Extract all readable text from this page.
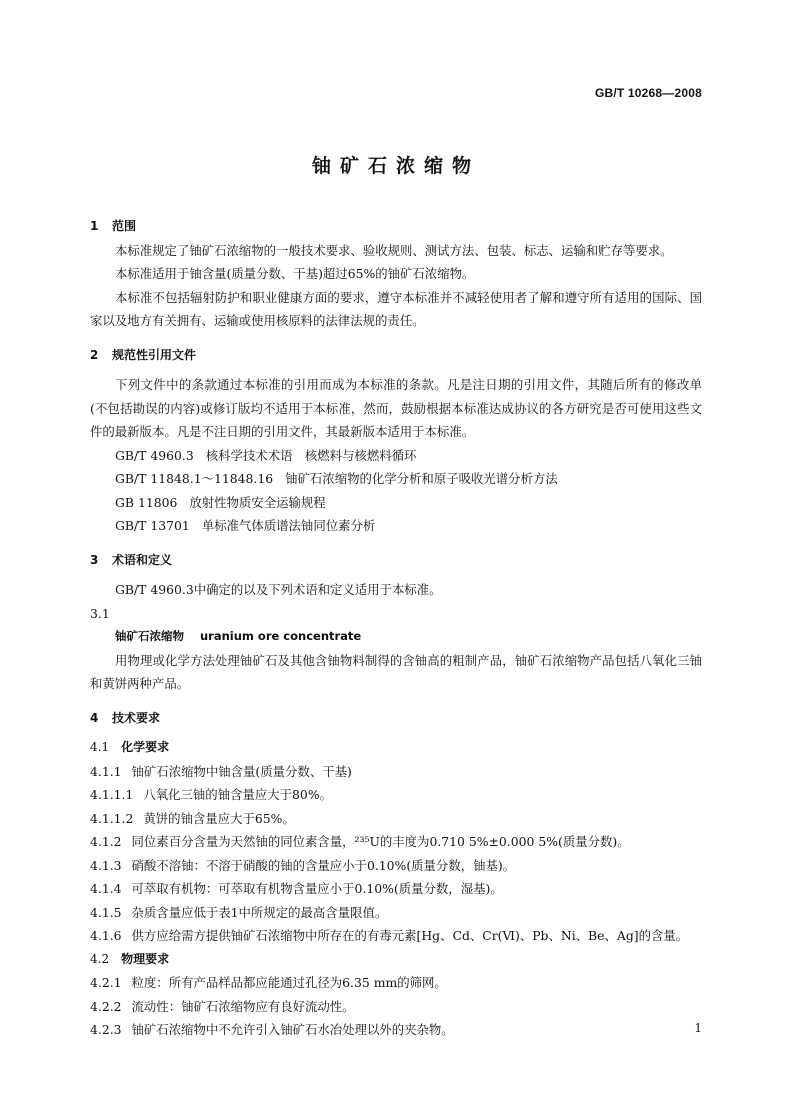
GB/T 10268—2008
铀矿石浓缩物
1 范围
本标准规定了铀矿石浓缩物的一般技术要求、验收规则、测试方法、包装、标志、运输和贮存等要求。
本标准适用于铀含量(质量分数、干基)超过65%的铀矿石浓缩物。
本标准不包括辐射防护和职业健康方面的要求，遵守本标准并不减轻使用者了解和遵守所有适用的国际、国家以及地方有关拥有、运输或使用核原料的法律法规的责任。
2 规范性引用文件
下列文件中的条款通过本标准的引用而成为本标准的条款。凡是注日期的引用文件，其随后所有的修改单(不包括勘误的内容)或修订版均不适用于本标准，然而，鼓励根据本标准达成协议的各方研究是否可使用这些文件的最新版本。凡是不注日期的引用文件，其最新版本适用于本标准。
GB/T 4960.3 核科学技术术语　核燃料与核燃料循环
GB/T 11848.1～11848.16 铀矿石浓缩物的化学分析和原子吸收光谱分析方法
GB 11806 放射性物质安全运输规程
GB/T 13701 单标准气体质谱法铀同位素分析
3 术语和定义
GB/T 4960.3中确定的以及下列术语和定义适用于本标准。
3.1
铀矿石浓缩物 uranium ore concentrate
用物理或化学方法处理铀矿石及其他含铀物料制得的含铀高的粗制产品，铀矿石浓缩物产品包括八氧化三铀和黄饼两种产品。
4 技术要求
4.1 化学要求
4.1.1 铀矿石浓缩物中铀含量(质量分数、干基)
4.1.1.1 八氧化三铀的铀含量应大于80%。
4.1.1.2 黄饼的铀含量应大于65%。
4.1.2 同位素百分含量为天然铀的同位素含量，²³⁵U的丰度为0.710 5%±0.000 5%(质量分数)。
4.1.3 硝酸不溶铀：不溶于硝酸的铀的含量应小于0.10%(质量分数，铀基)。
4.1.4 可萃取有机物：可萃取有机物含量应小于0.10%(质量分数，湿基)。
4.1.5 杂质含量应低于表1中所规定的最高含量限值。
4.1.6 供方应给需方提供铀矿石浓缩物中所存在的有毒元素[Hg、Cd、Cr(Ⅵ)、Pb、Ni、Be、Ag]的含量。
4.2 物理要求
4.2.1 粒度：所有产品样品都应能通过孔径为6.35 mm的筛网。
4.2.2 流动性：铀矿石浓缩物应有良好流动性。
4.2.3 铀矿石浓缩物中不允许引入铀矿石水冶处理以外的夹杂物。	1
